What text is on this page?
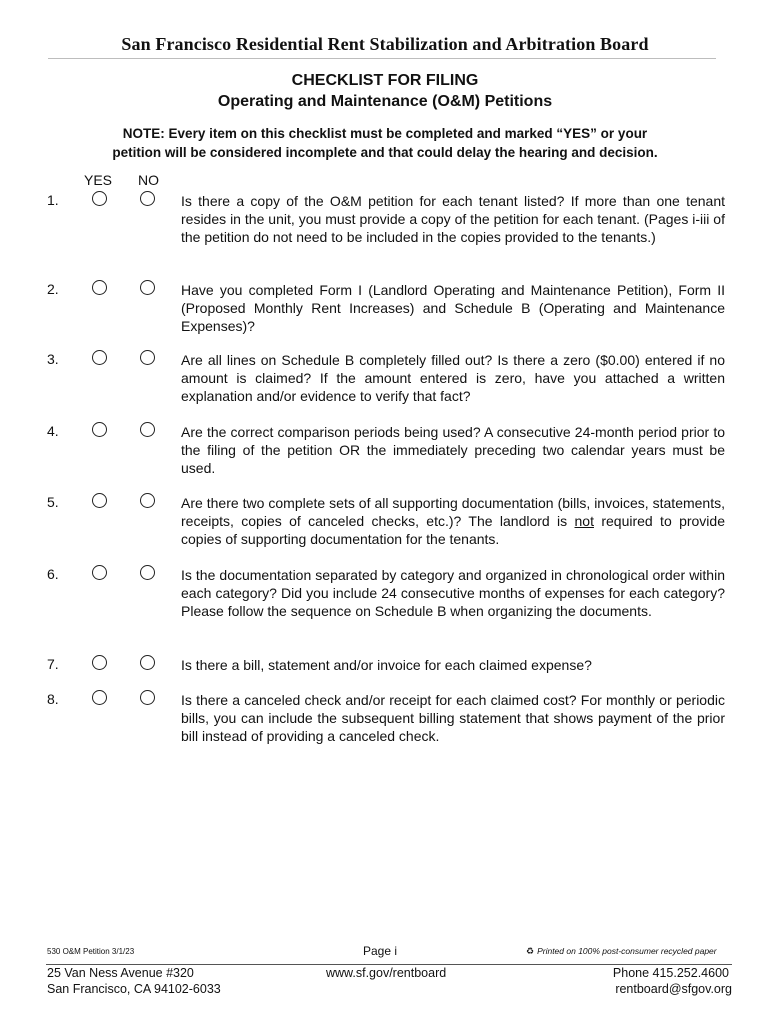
San Francisco Residential Rent Stabilization and Arbitration Board
CHECKLIST FOR FILING
Operating and Maintenance (O&M) Petitions
NOTE: Every item on this checklist must be completed and marked “YES” or your
petition will be considered incomplete and that could delay the hearing and decision.
YES NO
1.	Is there a copy of the O&M petition for each tenant listed? If more than one tenant resides in the unit, you must provide a copy of the petition for each tenant. (Pages i-iii of the petition do not need to be included in the copies provided to the tenants.)
2.	Have you completed Form I (Landlord Operating and Maintenance Petition), Form II (Proposed Monthly Rent Increases) and Schedule B (Operating and Maintenance Expenses)?
3.	Are all lines on Schedule B completely filled out? Is there a zero ($0.00) entered if no amount is claimed? If the amount entered is zero, have you attached a written explanation and/or evidence to verify that fact?
4.	Are the correct comparison periods being used? A consecutive 24-month period prior to the filing of the petition OR the immediately preceding two calendar years must be used.
5.	Are there two complete sets of all supporting documentation (bills, invoices, statements, receipts, copies of canceled checks, etc.)? The landlord is not required to provide copies of supporting documentation for the tenants.
6.	Is the documentation separated by category and organized in chronological order within each category? Did you include 24 consecutive months of expenses for each category? Please follow the sequence on Schedule B when organizing the documents.
7.	Is there a bill, statement and/or invoice for each claimed expense?
8.	Is there a canceled check and/or receipt for each claimed cost? For monthly or periodic bills, you can include the subsequent billing statement that shows payment of the prior bill instead of providing a canceled check.
530 O&M Petition 3/1/23	Page i	♻ Printed on 100% post-consumer recycled paper
25 Van Ness Avenue #320
San Francisco, CA 94102-6033
www.sf.gov/rentboard	Phone 415.252.4600
rentboard@sfgov.org
